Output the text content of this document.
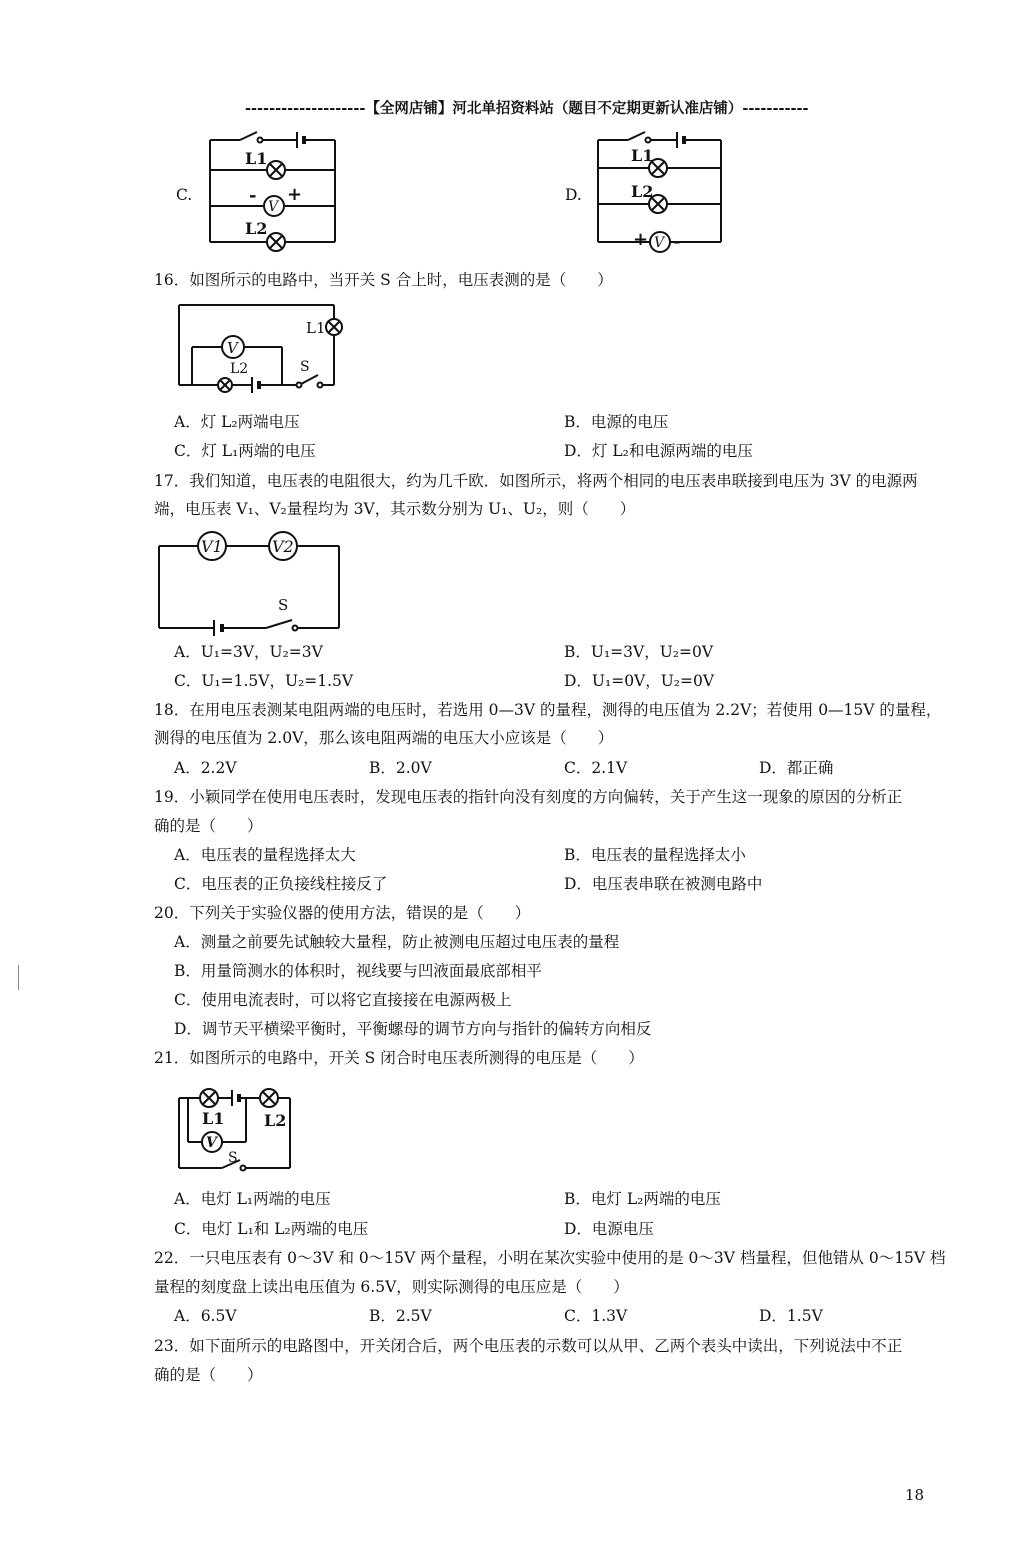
--------------------【全网店铺】河北单招资料站（题目不定期更新认准店铺）-----------
C.
L1
-
V
+
L2
D.
L1
L2
+ V -
16．如图所示的电路中，当开关 S 合上时，电压表测的是（　　）
V
L1
L2	S
A．灯 L₂两端电压	B．电源的电压
C．灯 L₁两端的电压	D．灯 L₂和电源两端的电压
17．我们知道，电压表的电阻很大，约为几千欧．如图所示，将两个相同的电压表串联接到电压为 3V 的电源两
端，电压表 V₁、V₂量程均为 3V，其示数分别为 U₁、U₂，则（　　）
V1	V2
S
A．U₁=3V，U₂=3V	B．U₁=3V，U₂=0V
C．U₁=1.5V，U₂=1.5V	D．U₁=0V，U₂=0V
18．在用电压表测某电阻两端的电压时，若选用 0—3V 的量程，测得的电压值为 2.2V；若使用 0—15V 的量程，
测得的电压值为 2.0V，那么该电阻两端的电压大小应该是（　　）
A．2.2V	B．2.0V	C．2.1V	D．都正确
19．小颖同学在使用电压表时，发现电压表的指针向没有刻度的方向偏转，关于产生这一现象的原因的分析正
确的是（　　）
A．电压表的量程选择太大	B．电压表的量程选择太小
C．电压表的正负接线柱接反了	D．电压表串联在被测电路中
20．下列关于实验仪器的使用方法，错误的是（　　）
A．测量之前要先试触较大量程，防止被测电压超过电压表的量程
B．用量筒测水的体积时，视线要与凹液面最底部相平
C．使用电流表时，可以将它直接接在电源两极上
D．调节天平横梁平衡时，平衡螺母的调节方向与指针的偏转方向相反
21．如图所示的电路中，开关 S 闭合时电压表所测得的电压是（　　）
L1 L2
V
S
A．电灯 L₁两端的电压	B．电灯 L₂两端的电压
C．电灯 L₁和 L₂两端的电压	D．电源电压
22．一只电压表有 0～3V 和 0～15V 两个量程，小明在某次实验中使用的是 0～3V 档量程，但他错从 0～15V 档
量程的刻度盘上读出电压值为 6.5V，则实际测得的电压应是（　　）
A．6.5V	B．2.5V	C．1.3V	D．1.5V
23．如下面所示的电路图中，开关闭合后，两个电压表的示数可以从甲、乙两个表头中读出，下列说法中不正
确的是（　　）
18
